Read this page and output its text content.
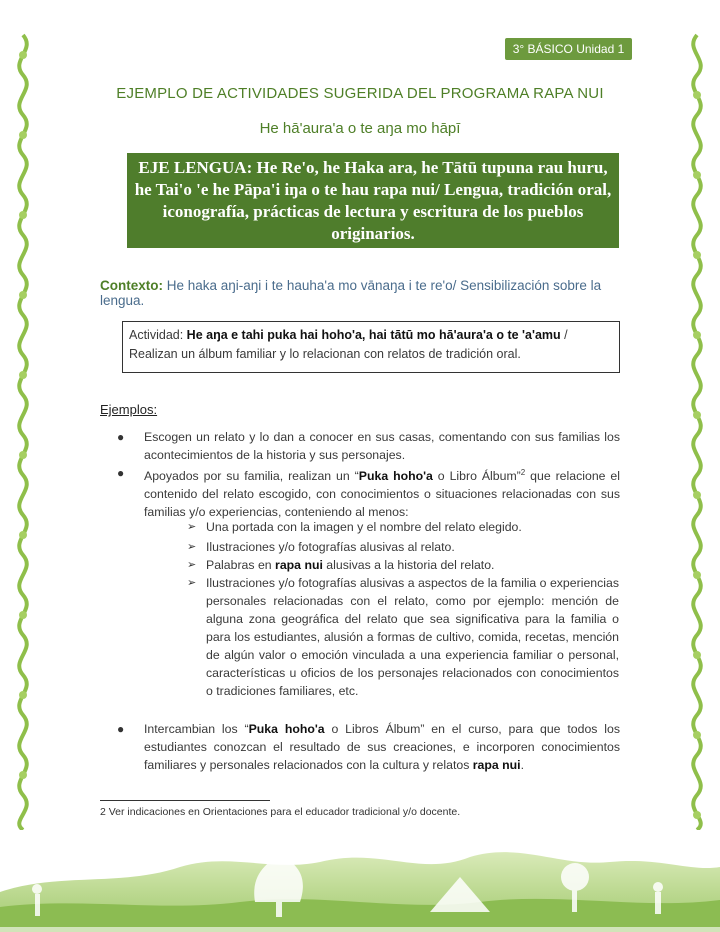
3° BÁSICO Unidad 1
EJEMPLO DE ACTIVIDADES SUGERIDA DEL PROGRAMA RAPA NUI
He hā'aura'a o te aŋa mo hāpī
EJE LENGUA: He Re'o, he Haka ara, he Tātū tupuna rau huru, he Tai'o 'e he Pāpa'i iŋa o te hau rapa nui/ Lengua, tradición oral, iconografía, prácticas de lectura y escritura de los pueblos originarios.
Contexto: He haka aŋi-aŋi i te hauha'a mo vānaŋa i te re'o/ Sensibilización sobre la lengua.
Actividad: He aŋa e tahi puka hai hoho'a, hai tātū mo hā'aura'a o te 'a'amu / Realizan un álbum familiar y lo relacionan con relatos de tradición oral.
Ejemplos:
● Escogen un relato y lo dan a conocer en sus casas, comentando con sus familias los acontecimientos de la historia y sus personajes.
● Apoyados por su familia, realizan un “Puka hoho'a o Libro Álbum”$^2$ que relacione el contenido del relato escogido, con conocimientos o situaciones relacionadas con sus familias y/o experiencias, conteniendo al menos:
➢ Una portada con la imagen y el nombre del relato elegido.
➢ Ilustraciones y/o fotografías alusivas al relato.
➢ Palabras en rapa nui alusivas a la historia del relato.
➢ Ilustraciones y/o fotografías alusivas a aspectos de la familia o experiencias personales relacionadas con el relato, como por ejemplo: mención de alguna zona geográfica del relato que sea significativa para la familia o para los estudiantes, alusión a formas de cultivo, comida, recetas, mención de algún valor o emoción vinculada a una experiencia familiar o personal, características u oficios de los personajes relacionados con conocimientos o tradiciones familiares, etc.
● Intercambian los “Puka hoho'a o Libros Álbum” en el curso, para que todos los estudiantes conozcan el resultado de sus creaciones, e incorporen conocimientos familiares y personales relacionados con la cultura y relatos rapa nui.
2 Ver indicaciones en Orientaciones para el educador tradicional y/o docente.
